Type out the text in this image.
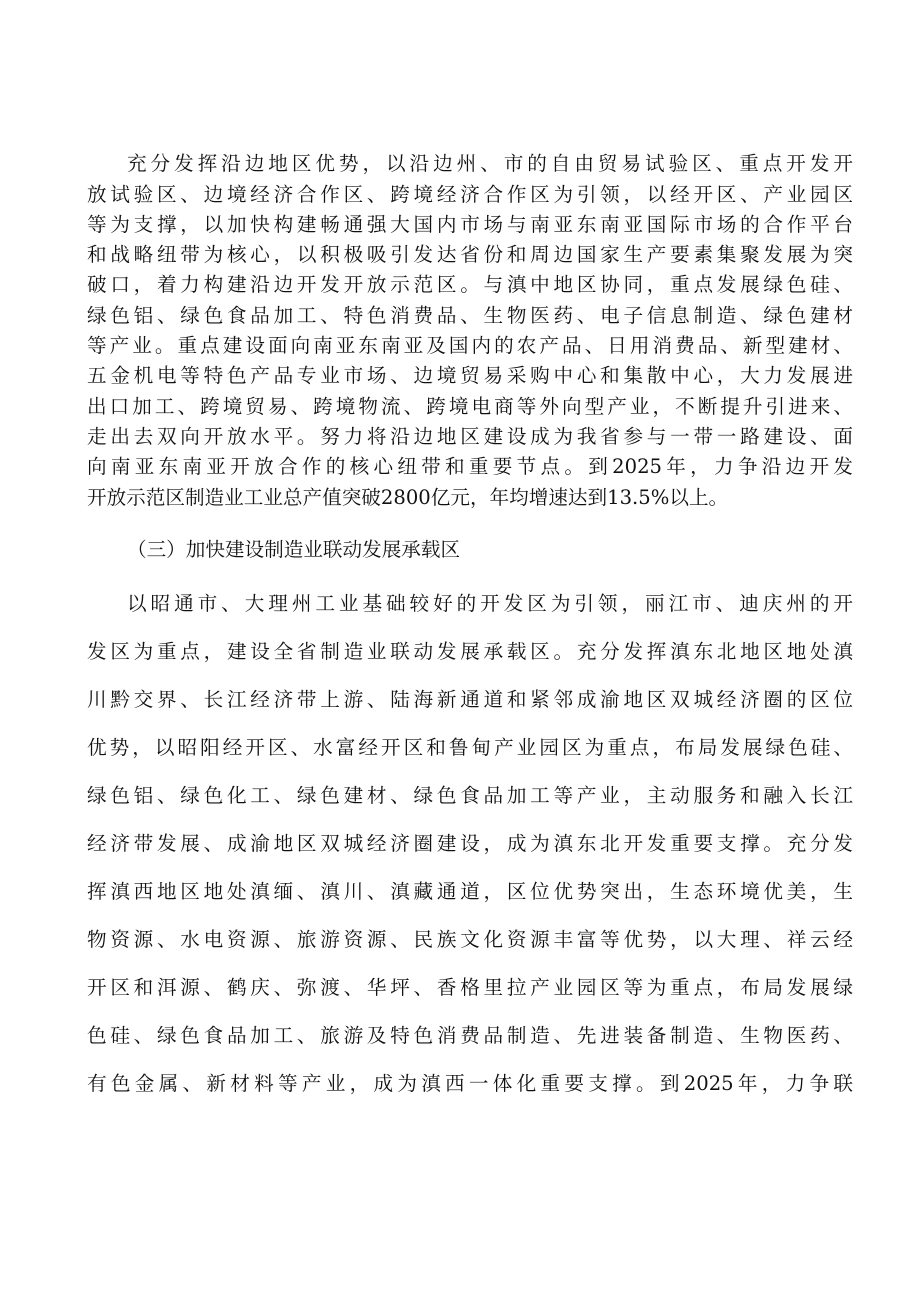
充分发挥沿边地区优势，以沿边州、市的自由贸易试验区、重点开发开
放试验区、边境经济合作区、跨境经济合作区为引领，以经开区、产业园区
等为支撑，以加快构建畅通强大国内市场与南亚东南亚国际市场的合作平台
和战略纽带为核心，以积极吸引发达省份和周边国家生产要素集聚发展为突
破口，着力构建沿边开发开放示范区。与滇中地区协同，重点发展绿色硅、
绿色铝、绿色食品加工、特色消费品、生物医药、电子信息制造、绿色建材
等产业。重点建设面向南亚东南亚及国内的农产品、日用消费品、新型建材、
五金机电等特色产品专业市场、边境贸易采购中心和集散中心，大力发展进
出口加工、跨境贸易、跨境物流、跨境电商等外向型产业，不断提升引进来、
走出去双向开放水平。努力将沿边地区建设成为我省参与一带一路建设、面
向南亚东南亚开放合作的核心纽带和重要节点。到2025年，力争沿边开发
开放示范区制造业工业总产值突破2800亿元，年均增速达到13.5%以上。
（三）加快建设制造业联动发展承载区
以昭通市、大理州工业基础较好的开发区为引领，丽江市、迪庆州的开
发区为重点，建设全省制造业联动发展承载区。充分发挥滇东北地区地处滇
川黔交界、长江经济带上游、陆海新通道和紧邻成渝地区双城经济圈的区位
优势，以昭阳经开区、水富经开区和鲁甸产业园区为重点，布局发展绿色硅、
绿色铝、绿色化工、绿色建材、绿色食品加工等产业，主动服务和融入长江
经济带发展、成渝地区双城经济圈建设，成为滇东北开发重要支撑。充分发
挥滇西地区地处滇缅、滇川、滇藏通道，区位优势突出，生态环境优美，生
物资源、水电资源、旅游资源、民族文化资源丰富等优势，以大理、祥云经
开区和洱源、鹤庆、弥渡、华坪、香格里拉产业园区等为重点，布局发展绿
色硅、绿色食品加工、旅游及特色消费品制造、先进装备制造、生物医药、
有色金属、新材料等产业，成为滇西一体化重要支撑。到2025年，力争联
